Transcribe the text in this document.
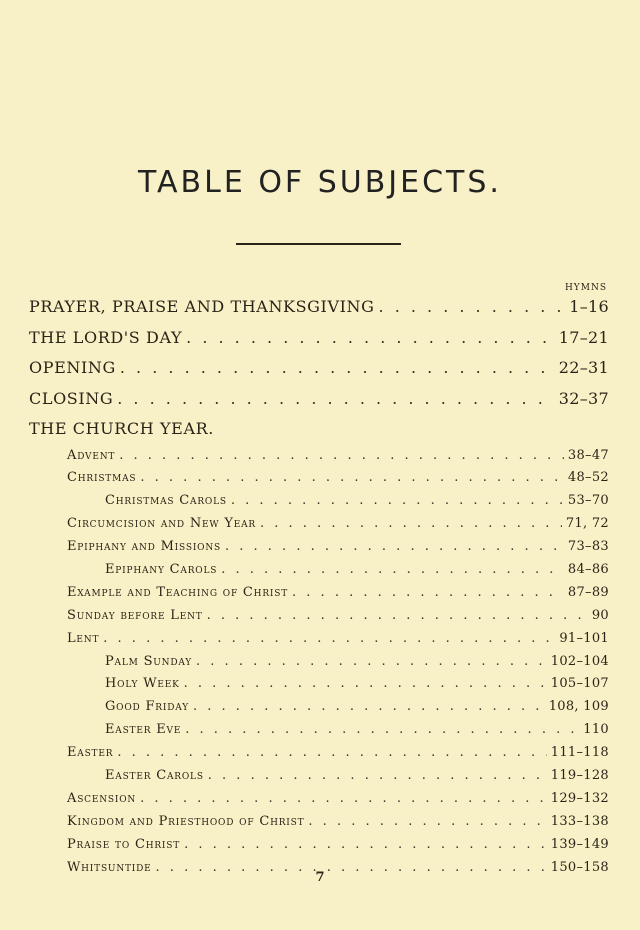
TABLE OF SUBJECTS.
HYMNS
PRAYER, PRAISE AND THANKSGIVING . . .	1–16
THE LORD'S DAY . . .	17–21
OPENING . . .	22–31
CLOSING . . .	32–37
THE CHURCH YEAR.
Advent . . .	38–47
Christmas . . .	48–52
Christmas Carols . . .	53–70
Circumcision and New Year . . .	71, 72
Epiphany and Missions . . .	73–83
Epiphany Carols . . .	84–86
Example and Teaching of Christ . . .	87–89
Sunday before Lent . . .	90
Lent . . .	91–101
Palm Sunday . . .	102–104
Holy Week . . .	105–107
Good Friday . . .	108, 109
Easter Eve . . .	110
Easter . . .	111–118
Easter Carols . . .	119–128
Ascension . . .	129–132
Kingdom and Priesthood of Christ . . .	133–138
Praise to Christ . . .	139–149
Whitsuntide . . .	150–158
7
